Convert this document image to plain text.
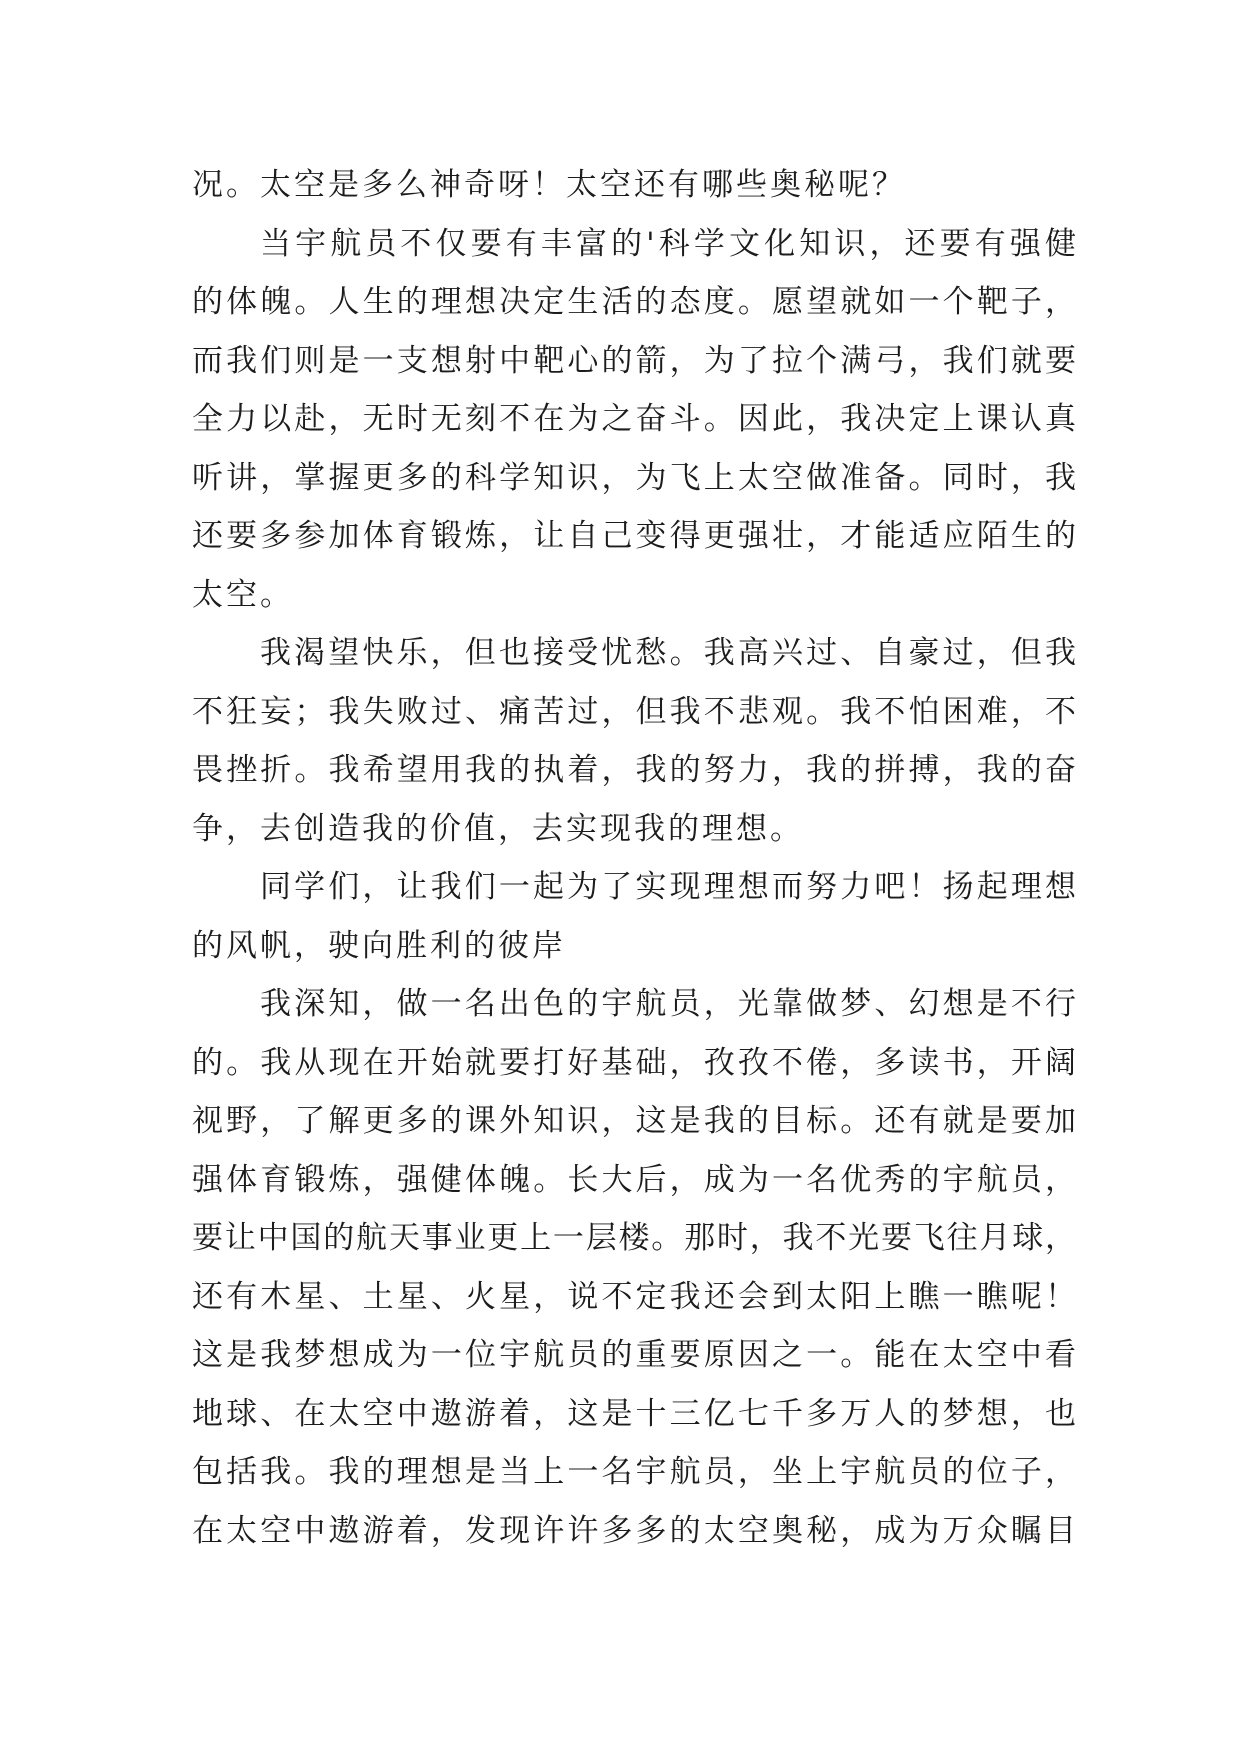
况。太空是多么神奇呀！太空还有哪些奥秘呢？
当宇航员不仅要有丰富的'科学文化知识，还要有强健
的体魄。人生的理想决定生活的态度。愿望就如一个靶子，
而我们则是一支想射中靶心的箭，为了拉个满弓，我们就要
全力以赴，无时无刻不在为之奋斗。因此，我决定上课认真
听讲，掌握更多的科学知识，为飞上太空做准备。同时，我
还要多参加体育锻炼，让自己变得更强壮，才能适应陌生的
太空。
我渴望快乐，但也接受忧愁。我高兴过、自豪过，但我
不狂妄；我失败过、痛苦过，但我不悲观。我不怕困难，不
畏挫折。我希望用我的执着，我的努力，我的拼搏，我的奋
争，去创造我的价值，去实现我的理想。
同学们，让我们一起为了实现理想而努力吧！扬起理想
的风帆，驶向胜利的彼岸
我深知，做一名出色的宇航员，光靠做梦、幻想是不行
的。我从现在开始就要打好基础，孜孜不倦，多读书，开阔
视野，了解更多的课外知识，这是我的目标。还有就是要加
强体育锻炼，强健体魄。长大后，成为一名优秀的宇航员，
要让中国的航天事业更上一层楼。那时，我不光要飞往月球，
还有木星、土星、火星，说不定我还会到太阳上瞧一瞧呢！
这是我梦想成为一位宇航员的重要原因之一。能在太空中看
地球、在太空中遨游着，这是十三亿七千多万人的梦想，也
包括我。我的理想是当上一名宇航员，坐上宇航员的位子，
在太空中遨游着，发现许许多多的太空奥秘，成为万众瞩目
